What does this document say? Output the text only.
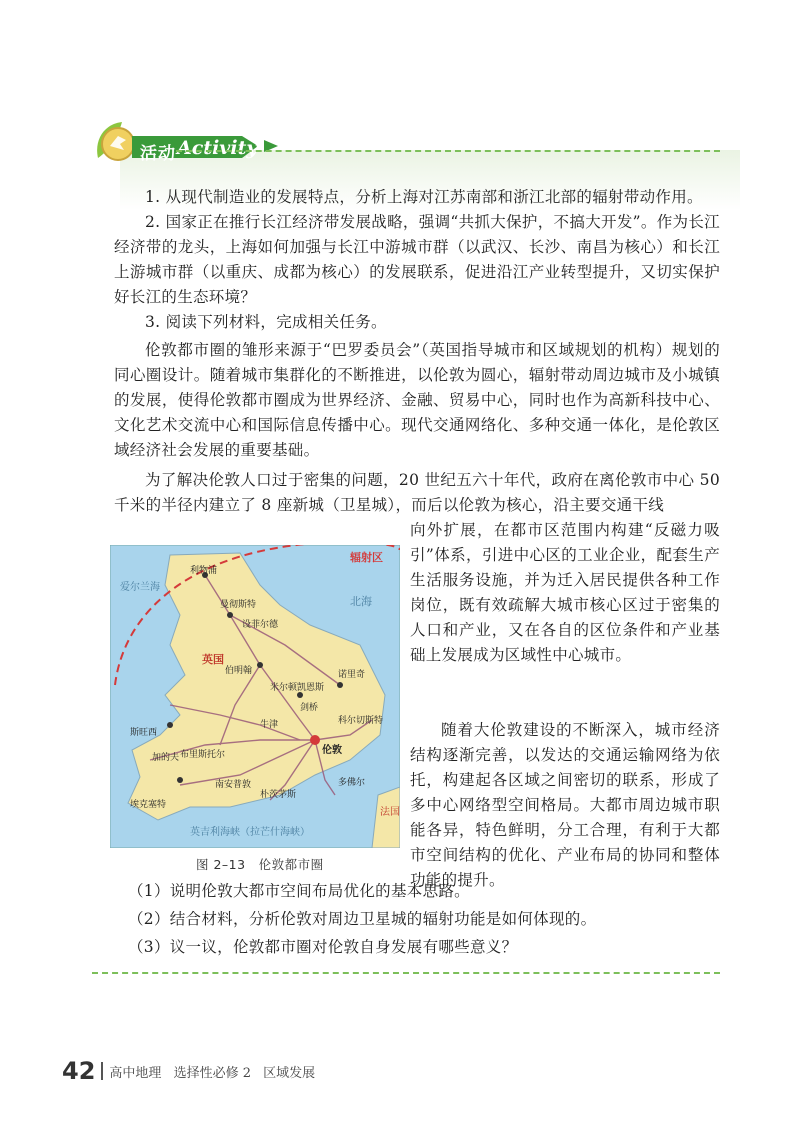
活动 Activity

1. 从现代制造业的发展特点，分析上海对江苏南部和浙江北部的辐射带动作用。

2. 国家正在推行长江经济带发展战略，强调“共抓大保护，不搞大开发”。作为长江经济带的龙头，上海如何加强与长江中游城市群（以武汉、长沙、南昌为核心）和长江上游城市群（以重庆、成都为核心）的发展联系，促进沿江产业转型提升，又切实保护好长江的生态环境？

3. 阅读下列材料，完成相关任务。

伦敦都市圈的雏形来源于“巴罗委员会”（英国指导城市和区域规划的机构）规划的同心圈设计。随着城市集群化的不断推进，以伦敦为圆心，辐射带动周边城市及小城镇的发展，使得伦敦都市圈成为世界经济、金融、贸易中心，同时也作为高新科技中心、文化艺术交流中心和国际信息传播中心。现代交通网络化、多种交通一体化，是伦敦区域经济社会发展的重要基础。

为了解决伦敦人口过于密集的问题，20 世纪五六十年代，政府在离伦敦市中心 50 千米的半径内建立了 8 座新城（卫星城），而后以伦敦为核心，沿主要交通干线

向外扩展，在都市区范围内构建“反磁力吸引”体系，引进中心区的工业企业，配套生产生活服务设施，并为迁入居民提供各种工作岗位，既有效疏解大城市核心区过于密集的人口和产业，又在各自的区位条件和产业基础上发展成为区域性中心城市。

随着大伦敦建设的不断深入，城市经济结构逐渐完善，以发达的交通运输网络为依托，构建起各区域之间密切的联系，形成了多中心网络型空间格局。大都市周边城市职能各异，特色鲜明，分工合理，有利于大都市空间结构的优化、产业布局的协同和整体功能的提升。

辐射区
爱尔兰海
北海
英国
利物浦
曼彻斯特
设菲尔德
伯明翰
米尔顿凯恩斯
诺里奇
剑桥
科尔切斯特
牛津
斯旺西
加的夫 布里斯托尔	伦敦
南安普敦
朴茨茅斯
多佛尔
埃克塞特
法国
英吉利海峡（拉芒什海峡）
图 2–13　伦敦都市圈
（1）说明伦敦大都市空间布局优化的基本思路。
（2）结合材料，分析伦敦对周边卫星城的辐射功能是如何体现的。
（3）议一议，伦敦都市圈对伦敦自身发展有哪些意义？
42 高中地理 选择性必修 2 区域发展
